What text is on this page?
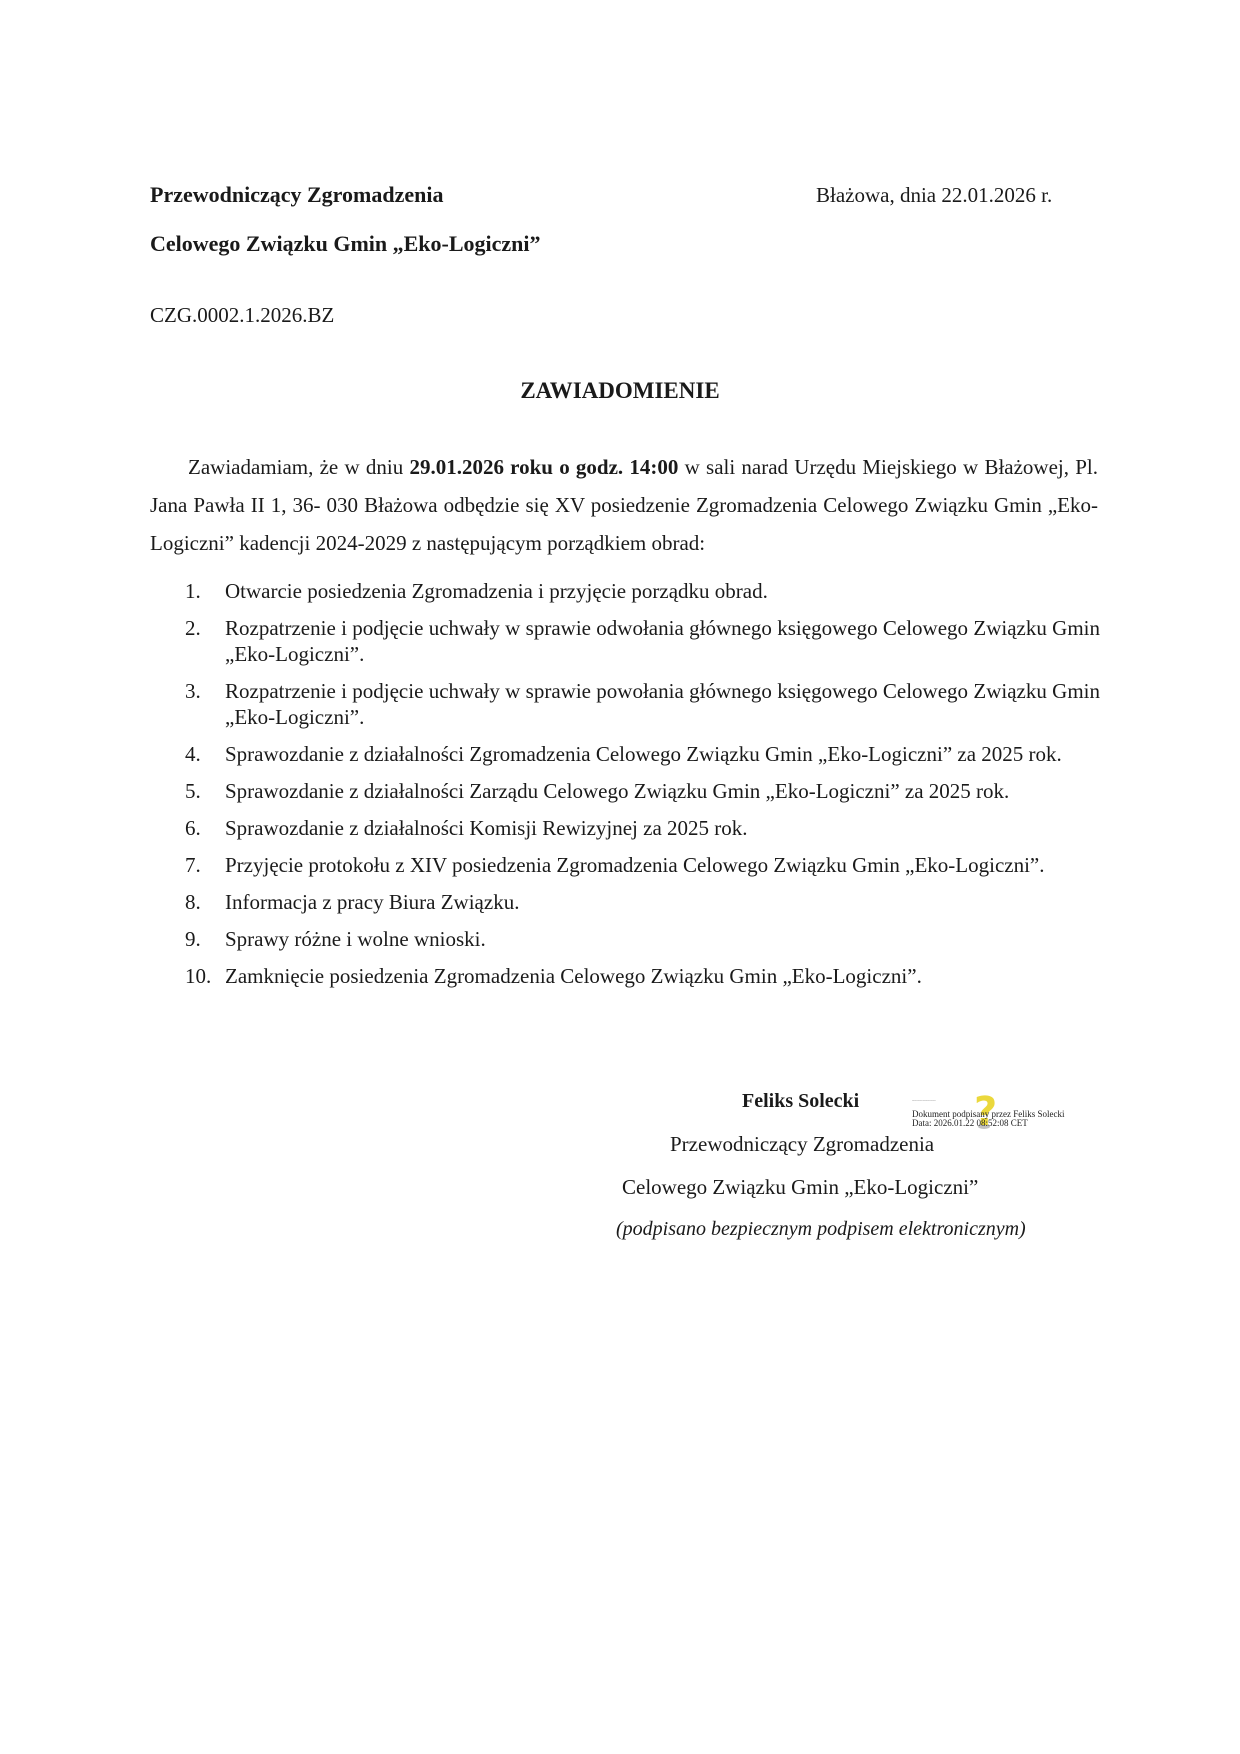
Przewodniczący Zgromadzenia
Celowego Związku Gmin „Eko-Logiczni”
Błażowa, dnia 22.01.2026 r.
CZG.0002.1.2026.BZ
ZAWIADOMIENIE
Zawiadamiam, że w dniu 29.01.2026 roku o godz. 14:00 w sali narad Urzędu Miejskiego w Błażowej, Pl. Jana Pawła II 1, 36- 030 Błażowa odbędzie się XV posiedzenie Zgromadzenia Celowego Związku Gmin „Eko- Logiczni” kadencji 2024-2029 z następującym porządkiem obrad:
1. Otwarcie posiedzenia Zgromadzenia i przyjęcie porządku obrad.
2. Rozpatrzenie i podjęcie uchwały w sprawie odwołania głównego księgowego Celowego Związku Gmin „Eko-Logiczni”.
3. Rozpatrzenie i podjęcie uchwały w sprawie powołania głównego księgowego Celowego Związku Gmin „Eko-Logiczni”.
4. Sprawozdanie z działalności Zgromadzenia Celowego Związku Gmin „Eko-Logiczni” za 2025 rok.
5. Sprawozdanie z działalności Zarządu Celowego Związku Gmin „Eko-Logiczni” za 2025 rok.
6. Sprawozdanie z działalności Komisji Rewizyjnej za 2025 rok.
7. Przyjęcie protokołu z XIV posiedzenia Zgromadzenia Celowego Związku Gmin „Eko-Logiczni”.
8. Informacja z pracy Biura Związku.
9. Sprawy różne i wolne wnioski.
10. Zamknięcie posiedzenia Zgromadzenia Celowego Związku Gmin „Eko-Logiczni”.
Feliks Solecki	~~~~~~~~~~~ ?
Dokument podpisany przez Feliks Solecki
Data: 2026.01.22 08:52:08 CET
Przewodniczący Zgromadzenia
Celowego Związku Gmin „Eko-Logiczni”
(podpisano bezpiecznym podpisem elektronicznym)
